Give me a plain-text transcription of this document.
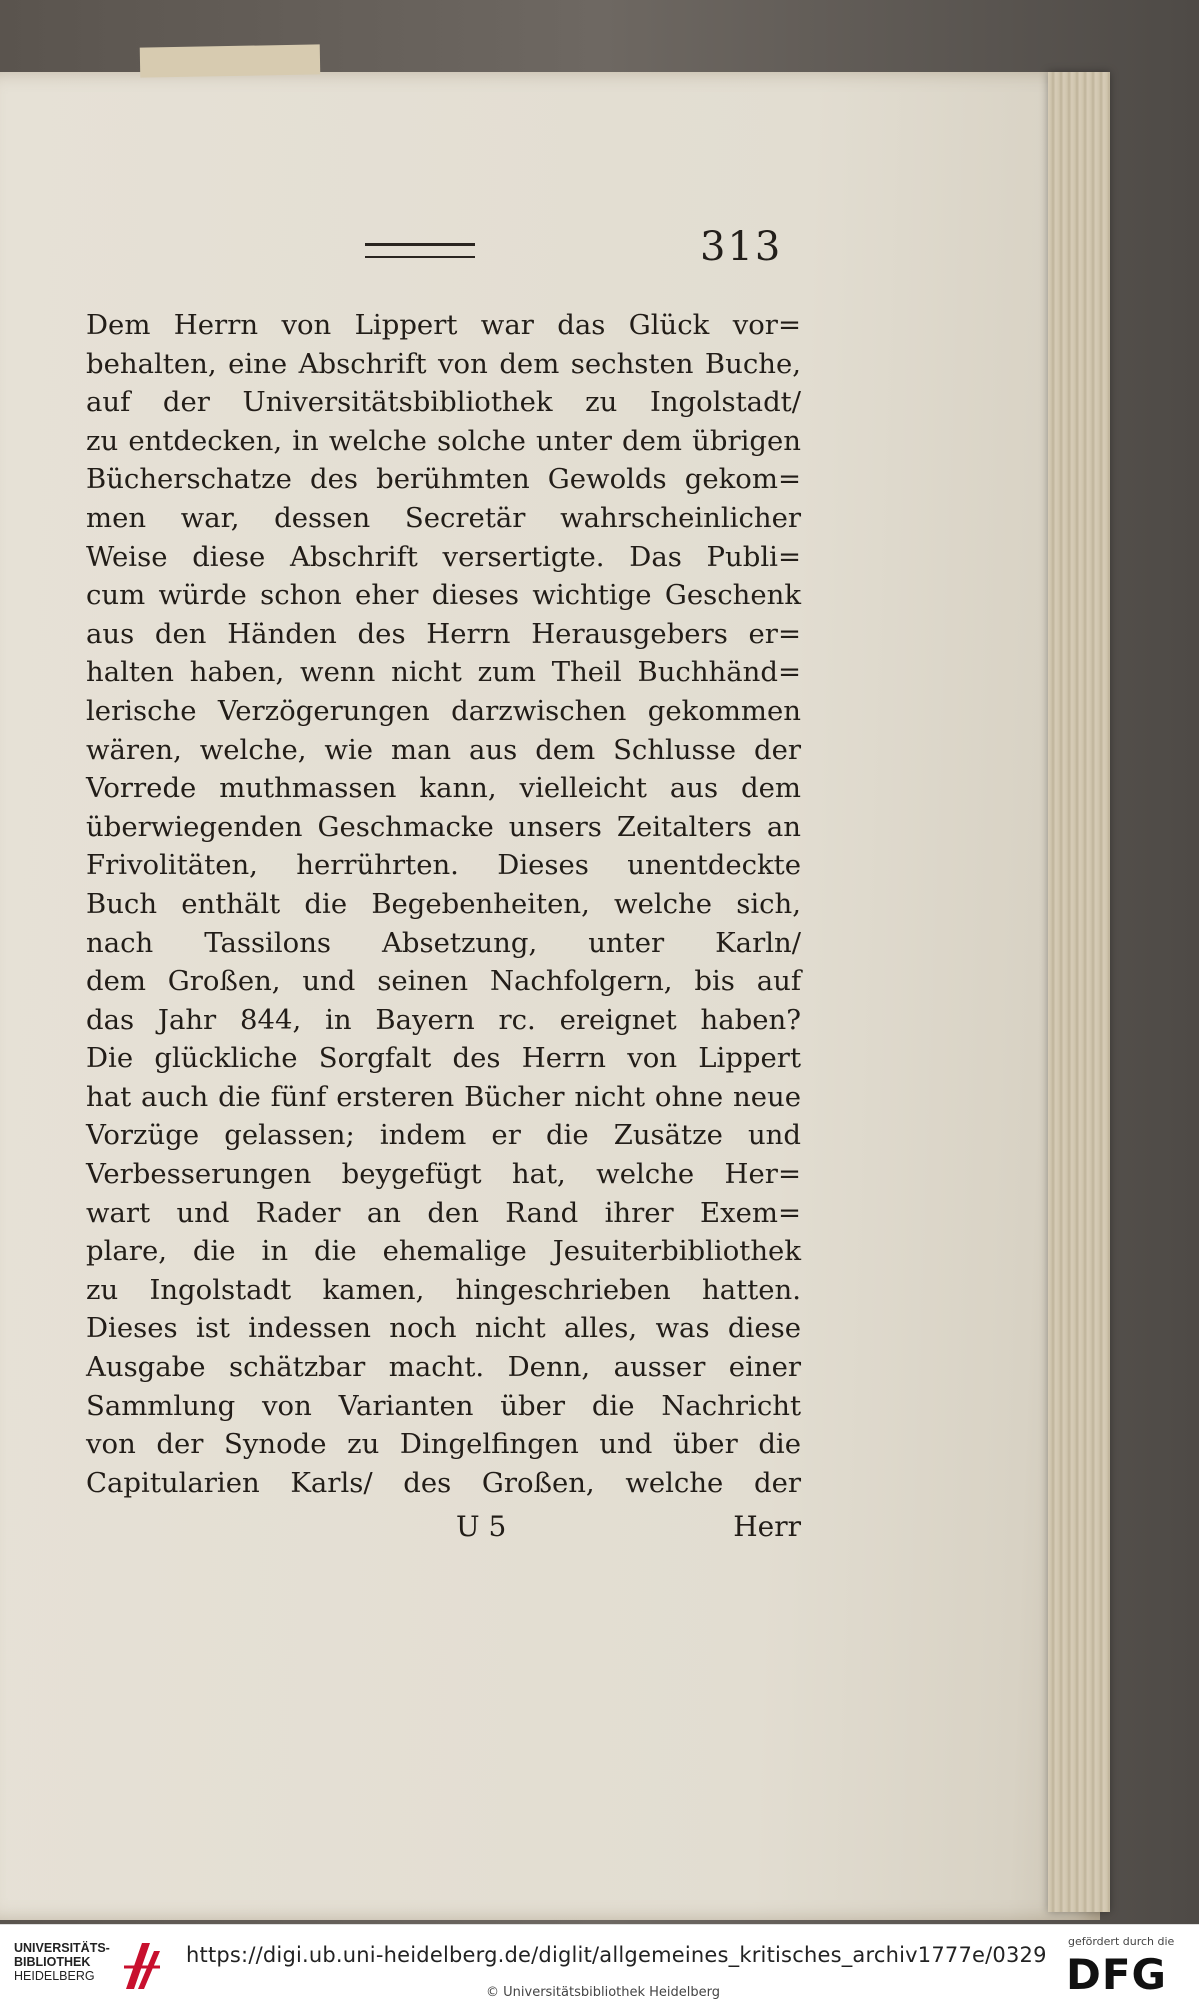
313
Dem Herrn von Lippert war das Glück vor=
behalten, eine Abschrift von dem sechsten Buche,
auf der Universitätsbibliothek zu Ingolstadt/
zu entdecken, in welche solche unter dem übrigen
Bücherschatze des berühmten Gewolds gekom=
men war, dessen Secretär wahrscheinlicher
Weise diese Abschrift versertigte. Das Publi=
cum würde schon eher dieses wichtige Geschenk
aus den Händen des Herrn Herausgebers er=
halten haben, wenn nicht zum Theil Buchhänd=
lerische Verzögerungen darzwischen gekommen
wären, welche, wie man aus dem Schlusse der
Vorrede muthmassen kann, vielleicht aus dem
überwiegenden Geschmacke unsers Zeitalters an
Frivolitäten, herrührten. Dieses unentdeckte
Buch enthält die Begebenheiten, welche sich,
nach Tassilons Absetzung, unter Karln/
dem Großen, und seinen Nachfolgern, bis auf
das Jahr 844, in Bayern rc. ereignet haben?
Die glückliche Sorgfalt des Herrn von Lippert
hat auch die fünf ersteren Bücher nicht ohne neue
Vorzüge gelassen; indem er die Zusätze und
Verbesserungen beygefügt hat, welche Her=
wart und Rader an den Rand ihrer Exem=
plare, die in die ehemalige Jesuiterbibliothek
zu Ingolstadt kamen, hingeschrieben hatten.
Dieses ist indessen noch nicht alles, was diese
Ausgabe schätzbar macht. Denn, ausser einer
Sammlung von Varianten über die Nachricht
von der Synode zu Dingelfingen und über die
Capitularien Karls/ des Großen, welche der
U 5	Herr
UNIVERSITÄTS-
BIBLIOTHEK
HEIDELBERG
https://digi.ub.uni-heidelberg.de/diglit/allgemeines_kritisches_archiv1777e/0329
© Universitätsbibliothek Heidelberg
gefördert durch die
DFG
